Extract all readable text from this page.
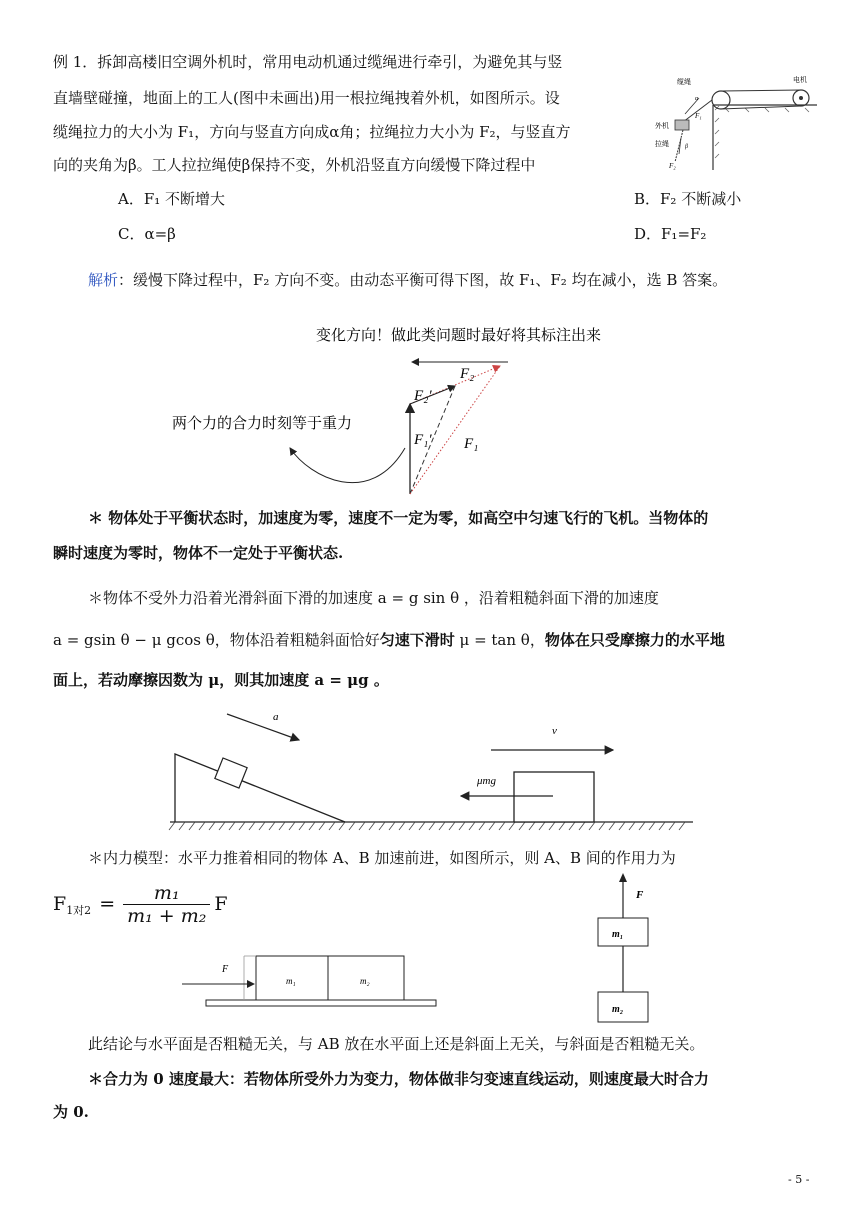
例 1．拆卸高楼旧空调外机时，常用电动机通过缆绳进行牵引，为避免其与竖
直墙壁碰撞，地面上的工人(图中未画出)用一根拉绳拽着外机，如图所示。设
缆绳拉力的大小为 F₁，方向与竖直方向成α角；拉绳拉力大小为 F₂，与竖直方
向的夹角为β。工人拉拉绳使β保持不变，外机沿竖直方向缓慢下降过程中
A．F₁ 不断增大	B．F₂ 不断减小
C．α=β	D．F₁=F₂
缆绳	电机
外机
拉绳
F₁
F₂
α
β
解析：缓慢下降过程中，F₂ 方向不变。由动态平衡可得下图，故 F₁、F₂ 均在减小，选 B 答案。
变化方向！做此类问题时最好将其标注出来
两个力的合力时刻等于重力
F₂
F₂′
F₁′ F₁
＊ 物体处于平衡状态时，加速度为零，速度不一定为零，如高空中匀速飞行的飞机。当物体的
瞬时速度为零时，物体不一定处于平衡状态.
＊物体不受外力沿着光滑斜面下滑的加速度 a = g sin θ ，沿着粗糙斜面下滑的加速度
a = gsin θ − μ gcos θ，物体沿着粗糙斜面恰好匀速下滑时 μ = tan θ，物体在只受摩擦力的水平地
面上，若动摩擦因数为 μ，则其加速度 a = μg 。
a
v
μmg
＊内力模型：水平力推着相同的物体 A、B 加速前进，如图所示，则 A、B 间的作用力为
F 1对$2 = \frac{\text{m₁}}{\text{m₁ + m₂}}$ F
F
m₁	m₂
F
m₁
m₂
此结论与水平面是否粗糙无关，与 AB 放在水平面上还是斜面上无关，与斜面是否粗糙无关。
＊合力为 0 速度最大：若物体所受外力为变力，物体做非匀变速直线运动，则速度最大时合力
为 0.
- 5 -
